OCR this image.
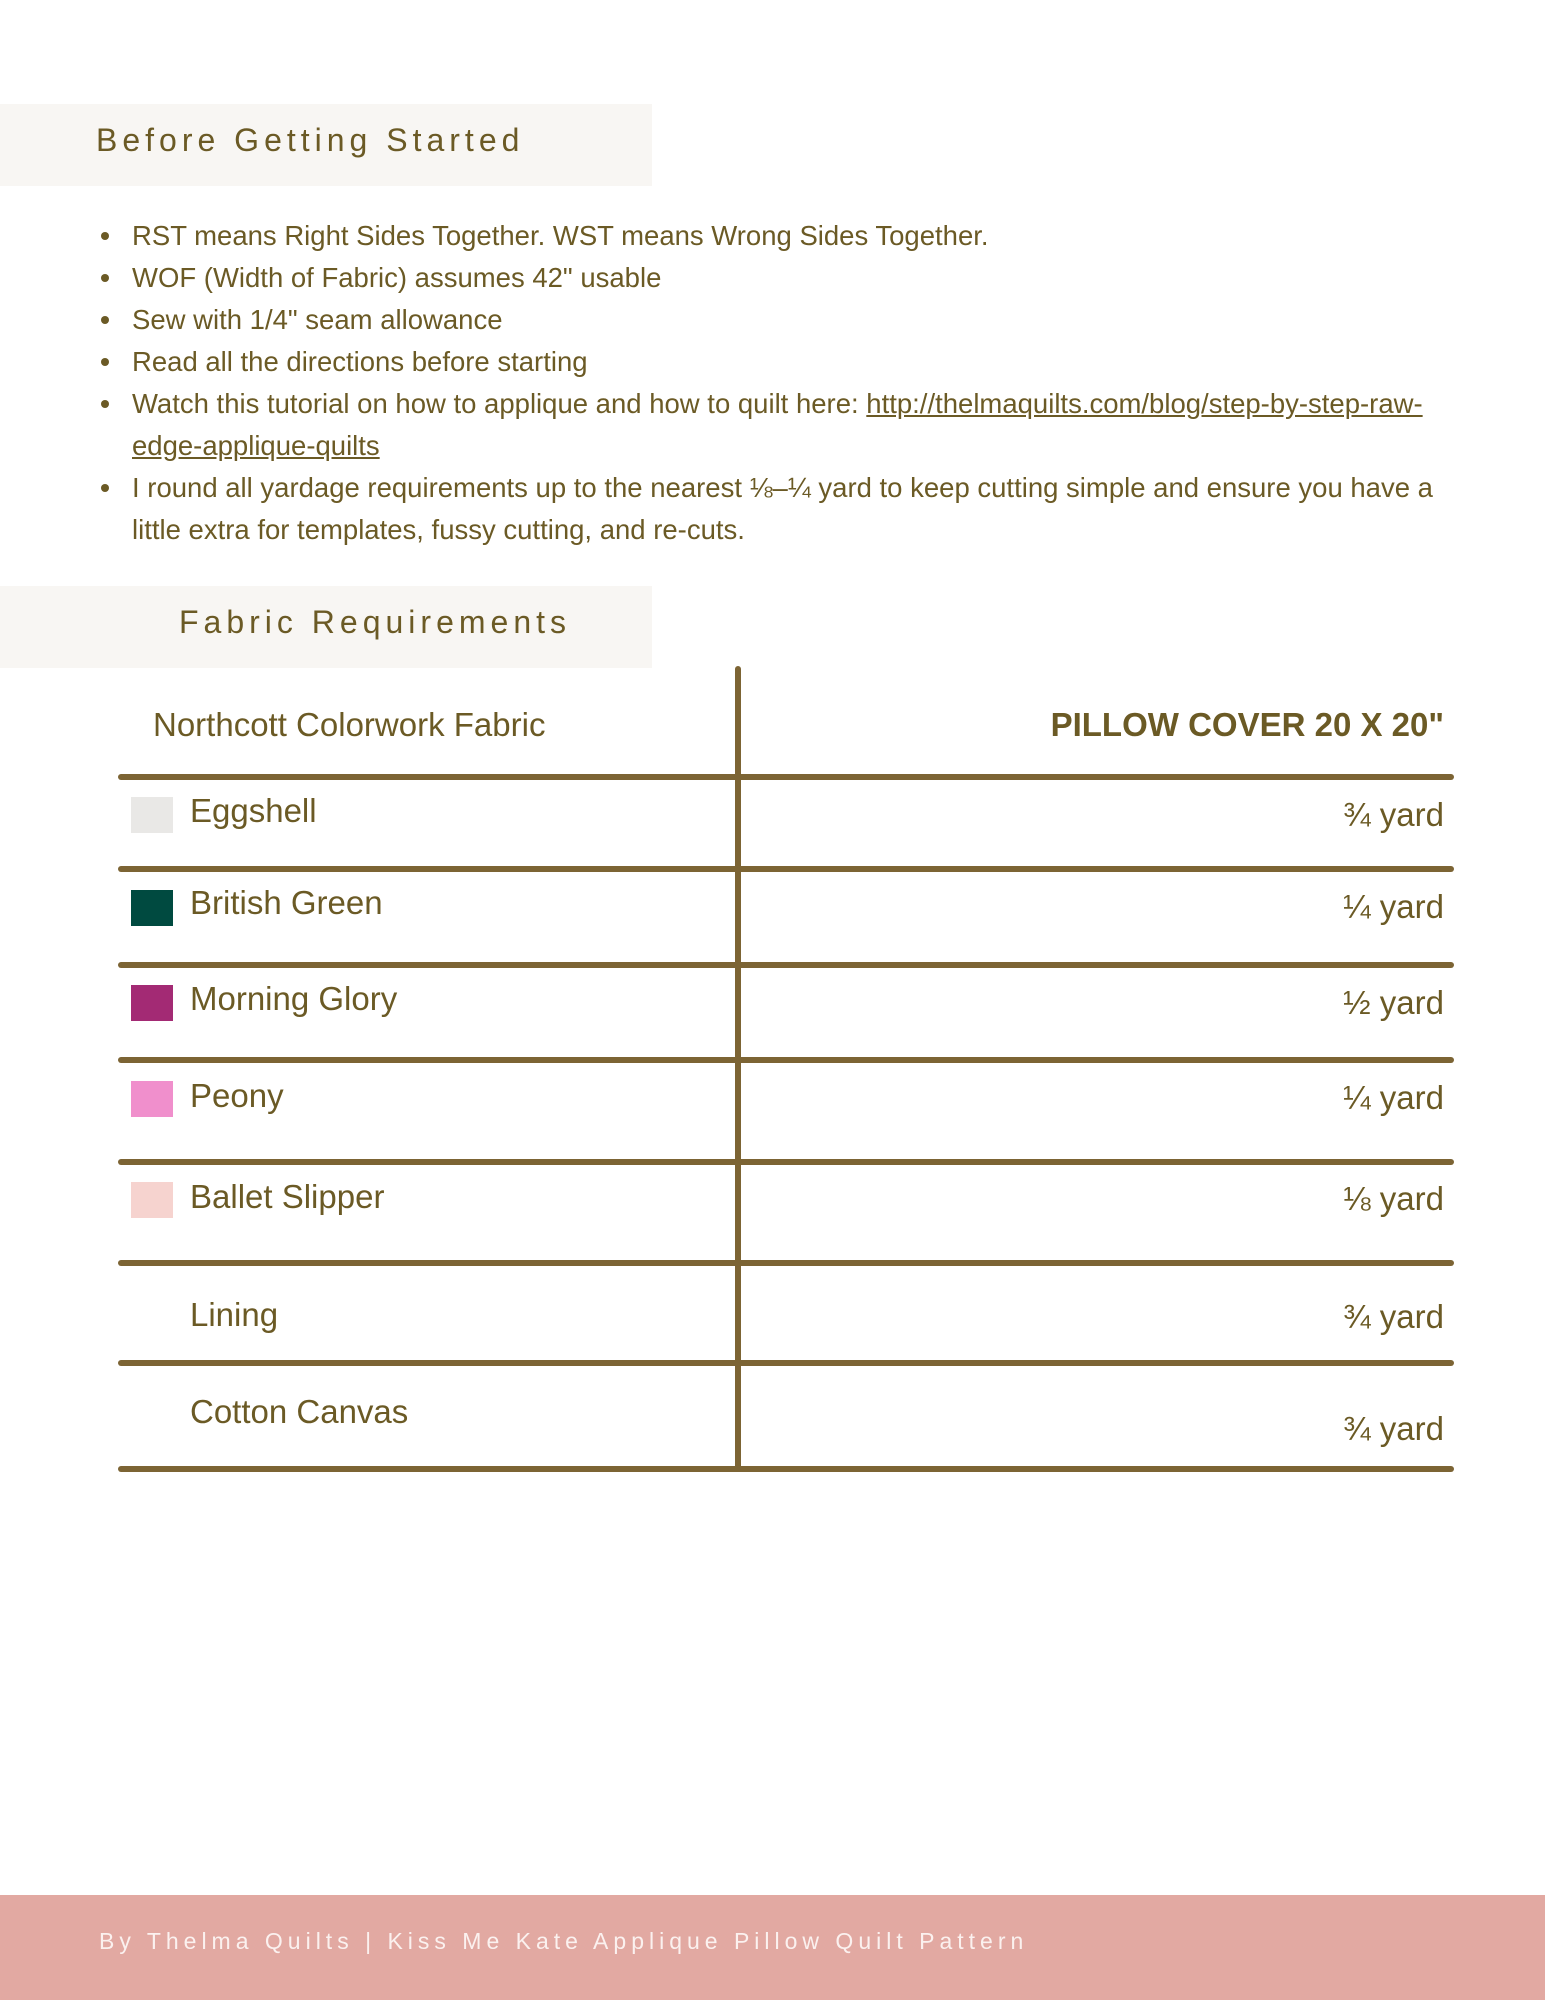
Before Getting Started
RST means Right Sides Together. WST means Wrong Sides Together.
WOF (Width of Fabric) assumes 42" usable
Sew with 1/4" seam allowance
Read all the directions before starting
Watch this tutorial on how to applique and how to quilt here: http://thelmaquilts.com/blog/step-by-step-raw-edge-applique-quilts
I round all yardage requirements up to the nearest ⅛–¼ yard to keep cutting simple and ensure you have a little extra for templates, fussy cutting, and re-cuts.
Fabric Requirements
Northcott Colorwork Fabric	PILLOW COVER 20 X 20"
Eggshell	¾ yard
British Green	¼ yard
Morning Glory	½ yard
Peony	¼ yard
Ballet Slipper	⅛ yard
Lining	¾ yard
Cotton Canvas	¾ yard
By Thelma Quilts | Kiss Me Kate Applique Pillow Quilt Pattern
